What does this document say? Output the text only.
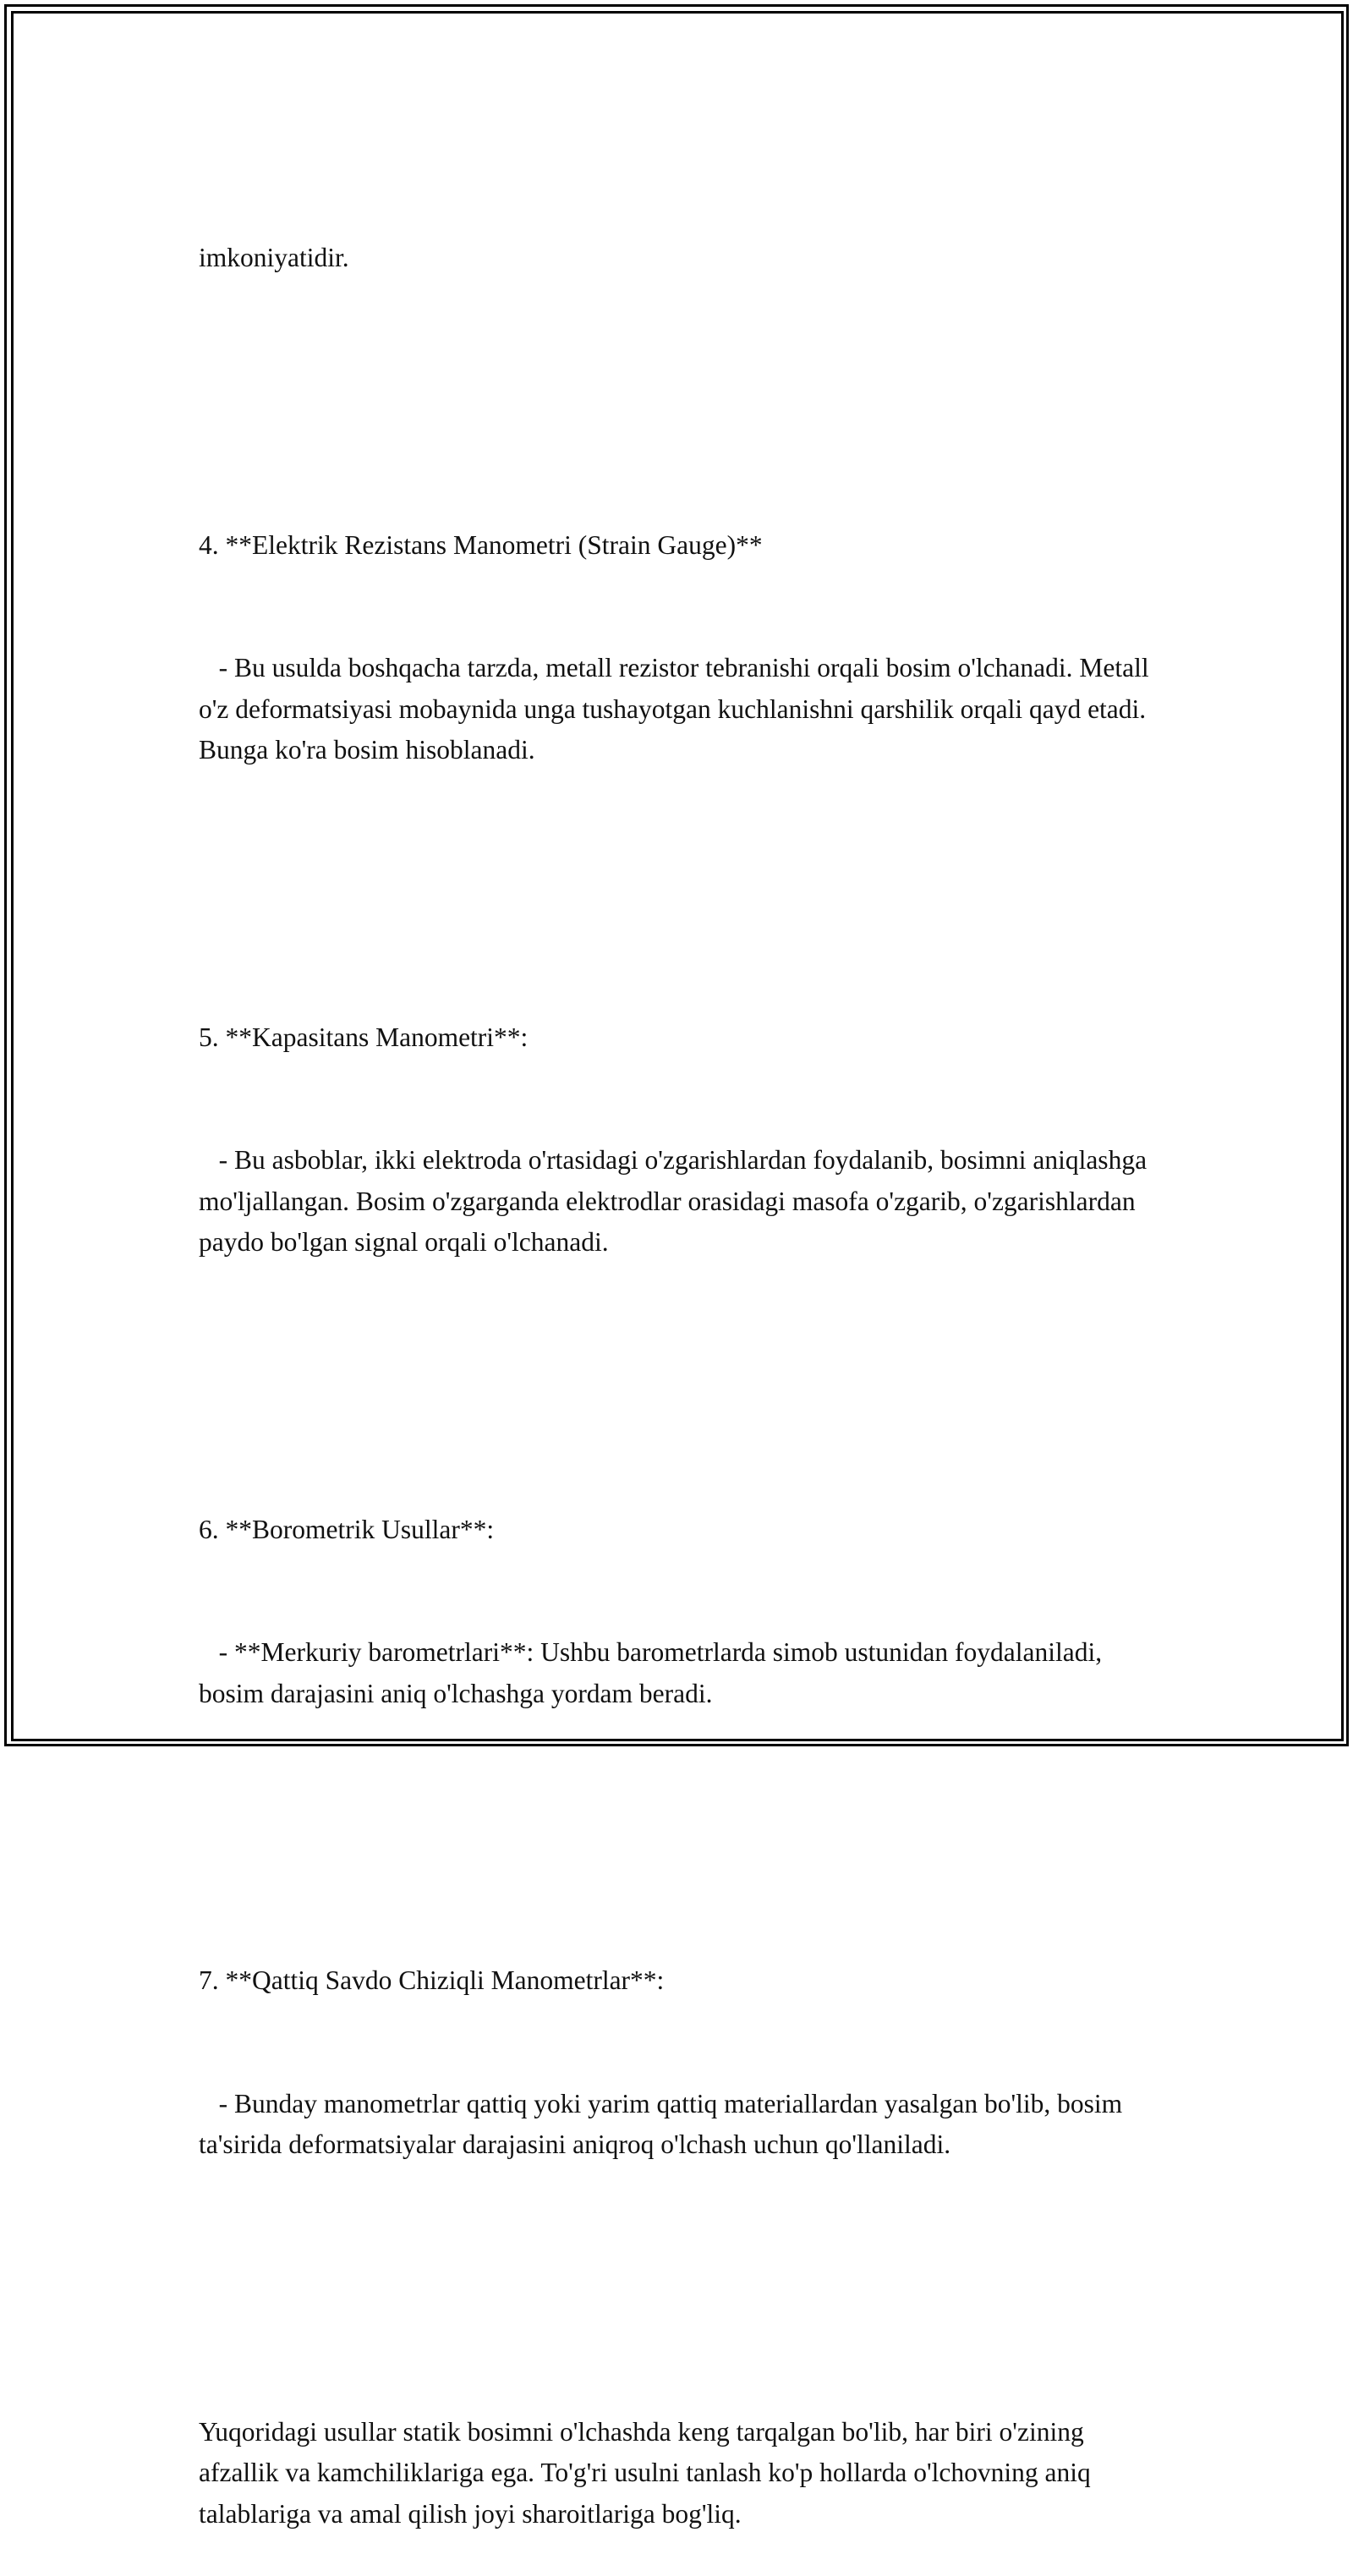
imkoniyatidir.

4. **Elektrik Rezistans Manometri (Strain Gauge)**

- Bu usulda boshqacha tarzda, metall rezistor tebranishi orqali bosim o'lchanadi. Metall o'z deformatsiyasi mobaynida unga tushayotgan kuchlanishni qarshilik orqali qayd etadi. Bunga ko'ra bosim hisoblanadi.

5. **Kapasitans Manometri**:

- Bu asboblar, ikki elektroda o'rtasidagi o'zgarishlardan foydalanib, bosimni aniqlashga mo'ljallangan. Bosim o'zgarganda elektrodlar orasidagi masofa o'zgarib, o'zgarishlardan paydo bo'lgan signal orqali o'lchanadi.

6. **Borometrik Usullar**:

- **Merkuriy barometrlari**: Ushbu barometrlarda simob ustunidan foydalaniladi, bosim darajasini aniq o'lchashga yordam beradi.

7. **Qattiq Savdo Chiziqli Manometrlar**:

- Bunday manometrlar qattiq yoki yarim qattiq materiallardan yasalgan bo'lib, bosim ta'sirida deformatsiyalar darajasini aniqroq o'lchash uchun qo'llaniladi.

Yuqoridagi usullar statik bosimni o'lchashda keng tarqalgan bo'lib, har biri o'zining afzallik va kamchiliklariga ega. To'g'ri usulni tanlash ko'p hollarda o'lchovning aniq talablariga va amal qilish joyi sharoitlariga bog'liq.
